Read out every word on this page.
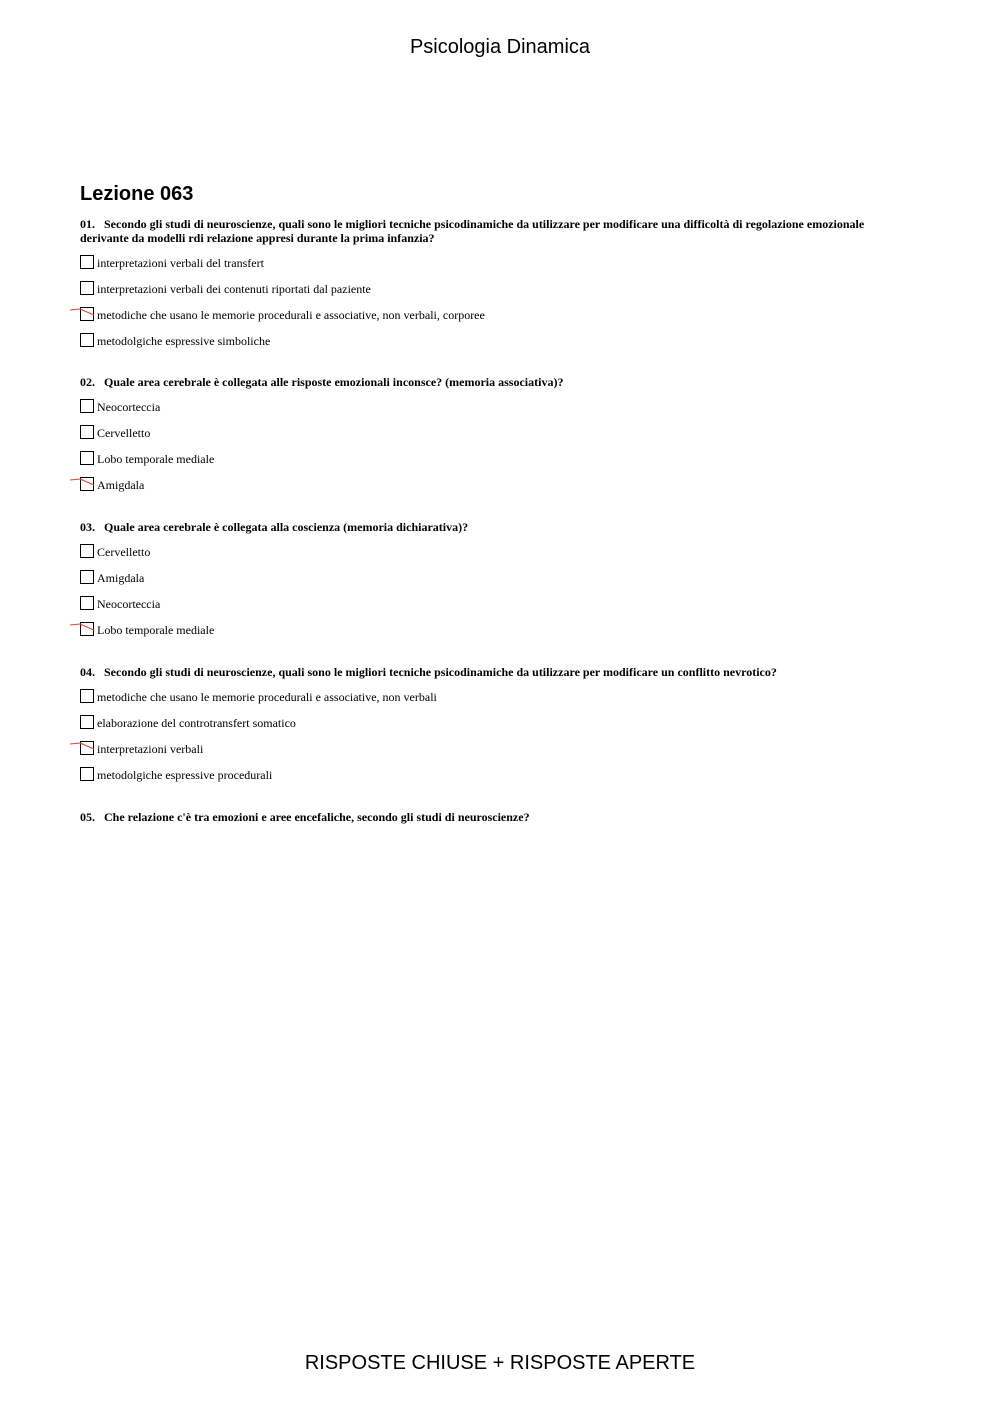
Psicologia Dinamica
Lezione 063
01. Secondo gli studi di neuroscienze, quali sono le migliori tecniche psicodinamiche da utilizzare per modificare una difficoltà di regolazione emozionale derivante da modelli rdi relazione appresi durante la prima infanzia?
interpretazioni verbali del transfert
interpretazioni verbali dei contenuti riportati dal paziente
metodiche che usano le memorie procedurali e associative, non verbali, corporee
metodolgiche espressive simboliche
02. Quale area cerebrale è collegata alle risposte emozionali inconsce? (memoria associativa)?
Neocorteccia
Cervelletto
Lobo temporale mediale
Amigdala
03. Quale area cerebrale è collegata alla coscienza (memoria dichiarativa)?
Cervelletto
Amigdala
Neocorteccia
Lobo temporale mediale
04. Secondo gli studi di neuroscienze, quali sono le migliori tecniche psicodinamiche da utilizzare per modificare un conflitto nevrotico?
metodiche che usano le memorie procedurali e associative, non verbali
elaborazione del controtransfert somatico
interpretazioni verbali
metodolgiche espressive procedurali
05. Che relazione c'è tra emozioni e aree encefaliche, secondo gli studi di neuroscienze?
RISPOSTE CHIUSE + RISPOSTE APERTE
